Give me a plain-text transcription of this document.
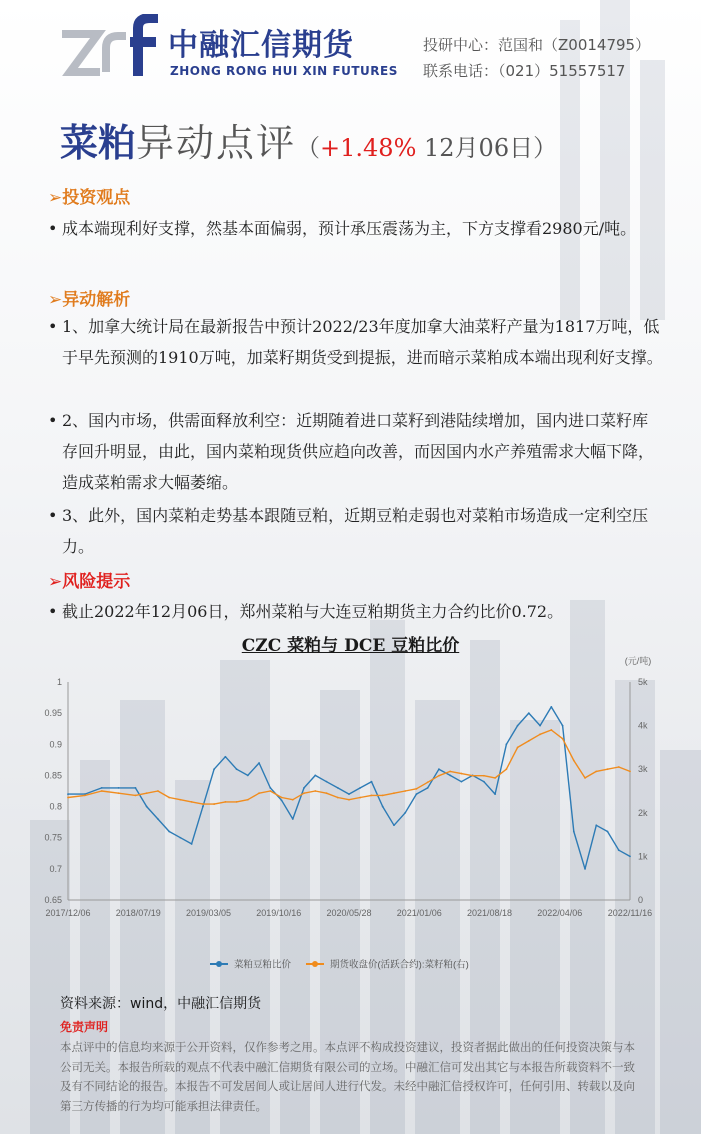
中融汇信期货
ZHONG RONG HUI XIN FUTURES
投研中心：范国和（Z0014795）
联系电话：（021）51557517
菜粕异动点评（+1.48% 12月06日）
➢投资观点
• 成本端现利好支撑，然基本面偏弱，预计承压震荡为主，下方支撑看2980元/吨。
➢异动解析
• 1、加拿大统计局在最新报告中预计2022/23年度加拿大油菜籽产量为1817万吨，低于早先预测的1910万吨，加菜籽期货受到提振，进而暗示菜粕成本端出现利好支撑。
• 2、国内市场，供需面释放利空：近期随着进口菜籽到港陆续增加，国内进口菜籽库存回升明显，由此，国内菜粕现货供应趋向改善，而因国内水产养殖需求大幅下降，造成菜粕需求大幅萎缩。
• 3、此外，国内菜粕走势基本跟随豆粕，近期豆粕走弱也对菜粕市场造成一定利空压力。
➢风险提示
• 截止2022年12月06日，郑州菜粕与大连豆粕期货主力合约比价0.72。
CZC 菜粕与 DCE 豆粕比价
0.65
0.7
0.75
0.8
0.85
0.9
0.95
1
0
1k
2k
3k
4k
5k
(元/吨)
2017/12/06	2018/07/19	2019/03/05	2019/10/16	2020/05/28	2021/01/06	2021/08/18	2022/04/06	2022/11/16
菜粕豆粕比价	期货收盘价(活跃合约):菜籽粕(右)
资料来源：wind，中融汇信期货
免责声明
本点评中的信息均来源于公开资料，仅作参考之用。本点评不构成投资建议，投资者据此做出的任何投资决策与本公司无关。本报告所载的观点不代表中融汇信期货有限公司的立场。中融汇信可发出其它与本报告所载资料不一致及有不同结论的报告。本报告不可发居间人或让居间人进行代发。未经中融汇信授权许可，任何引用、转载以及向第三方传播的行为均可能承担法律责任。
